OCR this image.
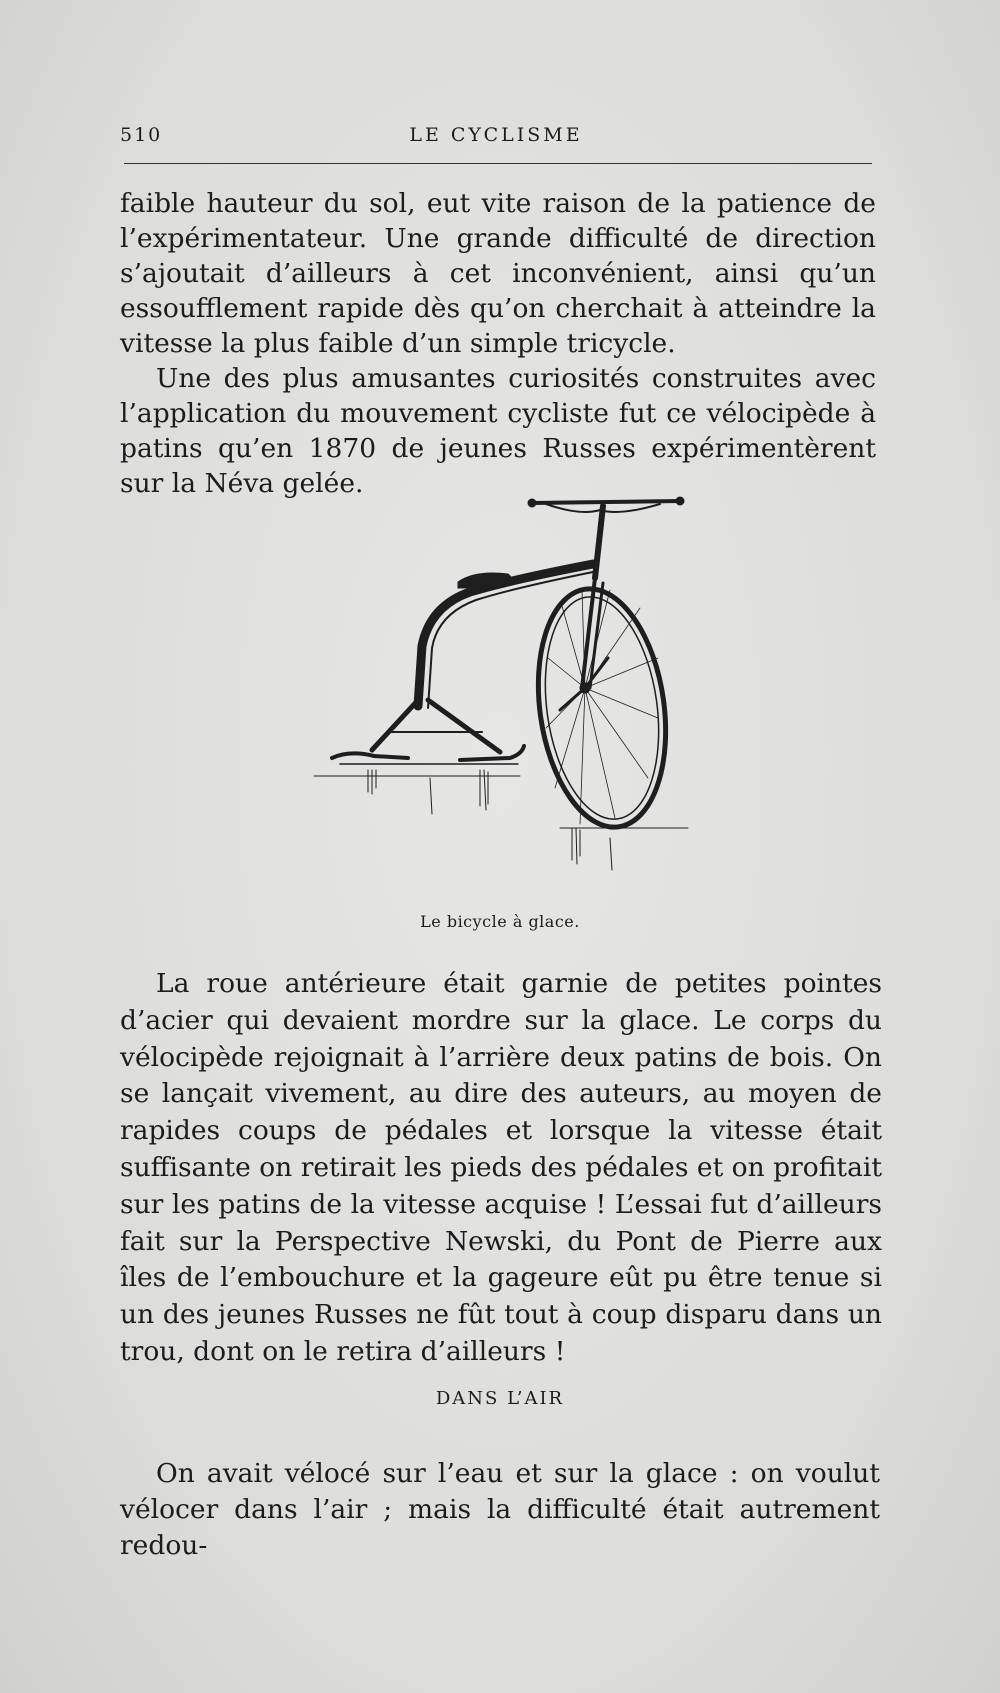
510	LE CYCLISME

faible hauteur du sol, eut vite raison de la patience de l’expérimentateur. Une grande difficulté de direction s’ajoutait d’ailleurs à cet inconvénient, ainsi qu’un essoufflement rapide dès qu’on cherchait à atteindre la vitesse la plus faible d’un simple tricycle.

Une des plus amusantes curiosités construites avec l’application du mouvement cycliste fut ce vélocipède à patins qu’en 1870 de jeunes Russes expérimentèrent sur la Néva gelée.

Le bicycle à glace.

La roue antérieure était garnie de petites pointes d’acier qui devaient mordre sur la glace. Le corps du vélocipède rejoignait à l’arrière deux patins de bois. On se lançait vivement, au dire des auteurs, au moyen de rapides coups de pédales et lorsque la vitesse était suffisante on retirait les pieds des pédales et on profitait sur les patins de la vitesse acquise ! L’essai fut d’ailleurs fait sur la Perspective Newski, du Pont de Pierre aux îles de l’embouchure et la gageure eût pu être tenue si un des jeunes Russes ne fût tout à coup disparu dans un trou, dont on le retira d’ailleurs !

DANS L’AIR

On avait vélocé sur l’eau et sur la glace : on voulut vélocer dans l’air ; mais la difficulté était autrement redou-
